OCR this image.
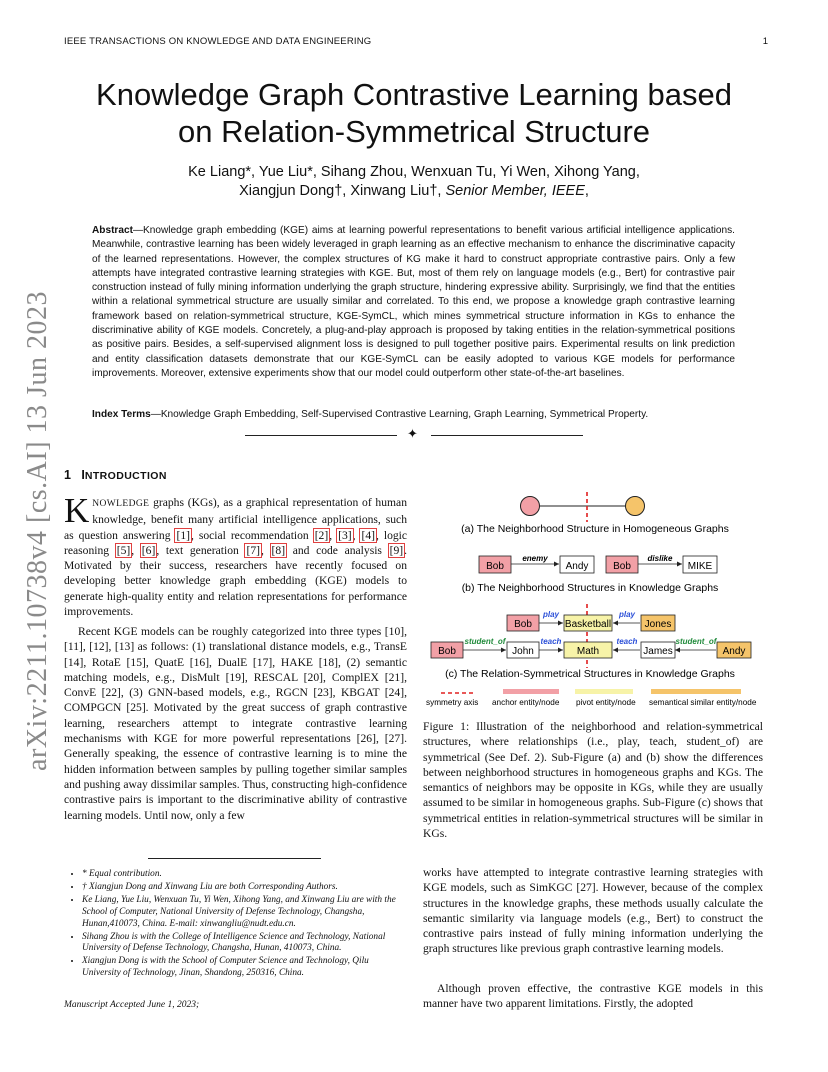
IEEE TRANSACTIONS ON KNOWLEDGE AND DATA ENGINEERING	1
arXiv:2211.10738v4 [cs.AI] 13 Jun 2023
Knowledge Graph Contrastive Learning based
on Relation-Symmetrical Structure
Ke Liang*, Yue Liu*, Sihang Zhou, Wenxuan Tu, Yi Wen, Xihong Yang,
Xiangjun Dong†, Xinwang Liu†, Senior Member, IEEE,
Abstract—Knowledge graph embedding (KGE) aims at learning powerful representations to benefit various artificial intelligence applications. Meanwhile, contrastive learning has been widely leveraged in graph learning as an effective mechanism to enhance the discriminative capacity of the learned representations. However, the complex structures of KG make it hard to construct appropriate contrastive pairs. Only a few attempts have integrated contrastive learning strategies with KGE. But, most of them rely on language models (e.g., Bert) for contrastive pair construction instead of fully mining information underlying the graph structure, hindering expressive ability. Surprisingly, we find that the entities within a relational symmetrical structure are usually similar and correlated. To this end, we propose a knowledge graph contrastive learning framework based on relation-symmetrical structure, KGE-SymCL, which mines symmetrical structure information in KGs to enhance the discriminative ability of KGE models. Concretely, a plug-and-play approach is proposed by taking entities in the relation-symmetrical positions as positive pairs. Besides, a self-supervised alignment loss is designed to pull together positive pairs. Experimental results on link prediction and entity classification datasets demonstrate that our KGE-SymCL can be easily adopted to various KGE models for performance improvements. Moreover, extensive experiments show that our model could outperform other state-of-the-art baselines.
Index Terms—Knowledge Graph Embedding, Self-Supervised Contrastive Learning, Graph Learning, Symmetrical Property.
✦
1 INTRODUCTION
KNOWLEDGE graphs (KGs), as a graphical representation of human knowledge, benefit many artificial intelligence applications, such as question answering [1], social recommendation [2], [3], [4], logic reasoning [5], [6], text generation [7], [8] and code analysis [9]. Motivated by their success, researchers have recently focused on developing better knowledge graph embedding (KGE) models to generate high-quality entity and relation representations for performance improvements.
Recent KGE models can be roughly categorized into three types [10], [11], [12], [13] as follows: (1) translational distance models, e.g., TransE [14], RotaE [15], QuatE [16], DualE [17], HAKE [18], (2) semantic matching models, e.g., DisMult [19], RESCAL [20], ComplEX [21], ConvE [22], (3) GNN-based models, e.g., RGCN [23], KBGAT [24], COMPGCN [25]. Motivated by the great success of graph contrastive learning, researchers attempt to integrate contrastive learning mechanisms with KGE for more powerful representations [26], [27]. Generally speaking, the essence of contrastive learning is to mine the hidden information between samples by pulling together similar samples and pushing away dissimilar samples. Thus, constructing high-confidence contrastive pairs is important to the discriminative ability of contrastive learning models. Until now, only a few
• * Equal contribution.
• † Xiangjun Dong and Xinwang Liu are both Corresponding Authors.
• Ke Liang, Yue Liu, Wenxuan Tu, Yi Wen, Xihong Yang, and Xinwang Liu are with the School of Computer, National University of Defense Technology, Changsha, Hunan,410073, China. E-mail: xinwangliu@nudt.edu.cn.
• Sihang Zhou is with the College of Intelligence Science and Technology, National University of Defense Technology, Changsha, Hunan, 410073, China.
• Xiangjun Dong is with the School of Computer Science and Technology, Qilu University of Technology, Jinan, Shandong, 250316, China.
Manuscript Accepted June 1, 2023;
(a) The Neighborhood Structure in Homogeneous Graphs
Bob	Andy
enemy
Bob	MIKE
dislike
(b) The Neighborhood Structures in Knowledge Graphs
Bob	Basketball	Jones
play	play
Bob	John	Math	James	Andy
student_of	teach	teach	student_of
(c) The Relation-Symmetrical Structures in Knowledge Graphs
symmetry axis anchor entity/node pivot entity/node semantical similar entity/node
Figure 1: Illustration of the neighborhood and relation-symmetrical structures, where relationships (i.e., play, teach, student_of) are symmetrical (See Def. 2). Sub-Figure (a) and (b) show the differences between neighborhood structures in homogeneous graphs and KGs. The semantics of neighbors may be opposite in KGs, while they are usually assumed to be similar in homogeneous graphs. Sub-Figure (c) shows that symmetrical entities in relation-symmetrical structures will be similar in KGs.
works have attempted to integrate contrastive learning strategies with KGE models, such as SimKGC [27]. However, because of the complex structures in the knowledge graphs, these methods usually calculate the semantic similarity via language models (e.g., Bert) to construct the contrastive pairs instead of fully mining information underlying the graph structures like previous graph contrastive learning models.
Although proven effective, the contrastive KGE models in this manner have two apparent limitations. Firstly, the adopted
